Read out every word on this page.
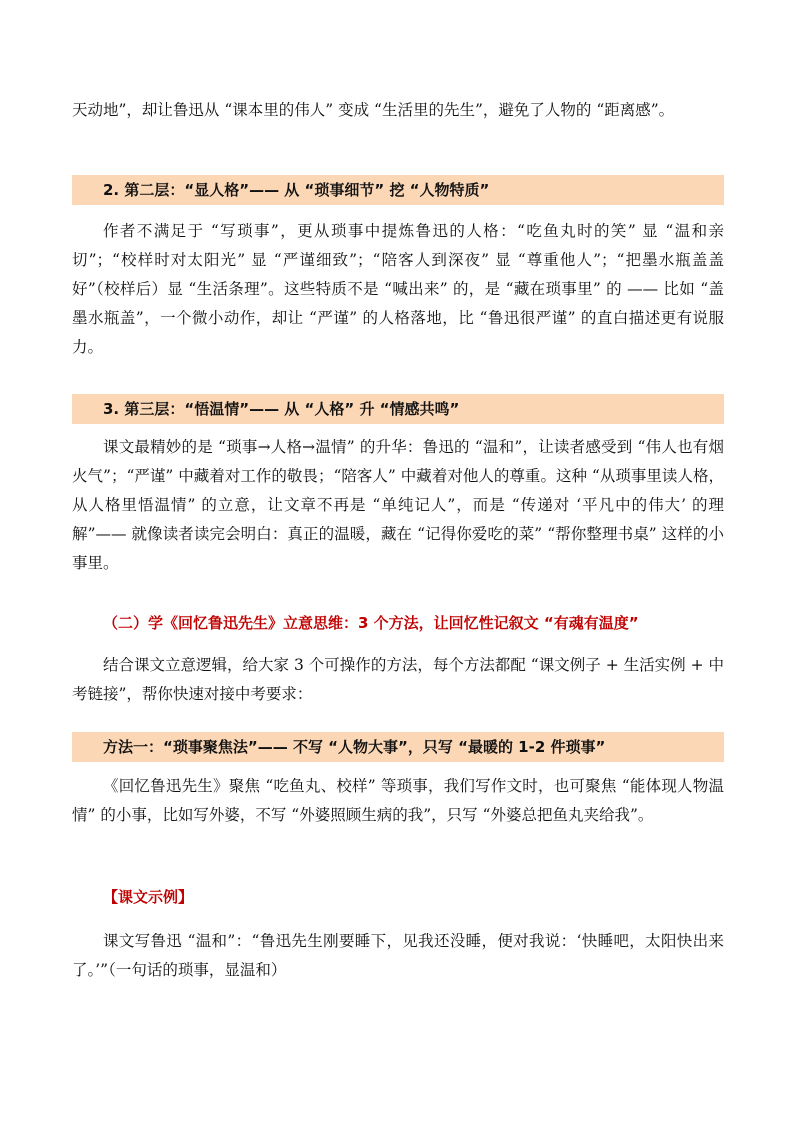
天动地”，却让鲁迅从 “课本里的伟人” 变成 “生活里的先生”，避免了人物的 “距离感”。

2. 第二层：“显人格”—— 从 “琐事细节” 挖 “人物特质”

作者不满足于 “写琐事”，更从琐事中提炼鲁迅的人格：“吃鱼丸时的笑” 显 “温和亲切”；“校样时对太阳光” 显 “严谨细致”；“陪客人到深夜” 显 “尊重他人”；“把墨水瓶盖盖好”（校样后）显 “生活条理”。这些特质不是 “喊出来” 的，是 “藏在琐事里” 的 —— 比如 “盖墨水瓶盖”，一个微小动作，却让 “严谨” 的人格落地，比 “鲁迅很严谨” 的直白描述更有说服力。

3. 第三层：“悟温情”—— 从 “人格” 升 “情感共鸣”

课文最精妙的是 “琐事→人格→温情” 的升华：鲁迅的 “温和”，让读者感受到 “伟人也有烟火气”；“严谨” 中藏着对工作的敬畏；“陪客人” 中藏着对他人的尊重。这种 “从琐事里读人格，从人格里悟温情” 的立意，让文章不再是 “单纯记人”，而是 “传递对 ‘平凡中的伟大’ 的理解”—— 就像读者读完会明白：真正的温暖，藏在 “记得你爱吃的菜” “帮你整理书桌” 这样的小事里。

（二）学《回忆鲁迅先生》立意思维：3 个方法，让回忆性记叙文 “有魂有温度”

结合课文立意逻辑，给大家 3 个可操作的方法，每个方法都配 “课文例子 + 生活实例 + 中考链接”，帮你快速对接中考要求：

方法一：“琐事聚焦法”—— 不写 “人物大事”，只写 “最暖的 1-2 件琐事”

《回忆鲁迅先生》聚焦 “吃鱼丸、校样” 等琐事，我们写作文时，也可聚焦 “能体现人物温情” 的小事，比如写外婆，不写 “外婆照顾生病的我”，只写 “外婆总把鱼丸夹给我”。

【课文示例】

课文写鲁迅 “温和”：“鲁迅先生刚要睡下，见我还没睡，便对我说：‘快睡吧，太阳快出来了。’”（一句话的琐事，显温和）
